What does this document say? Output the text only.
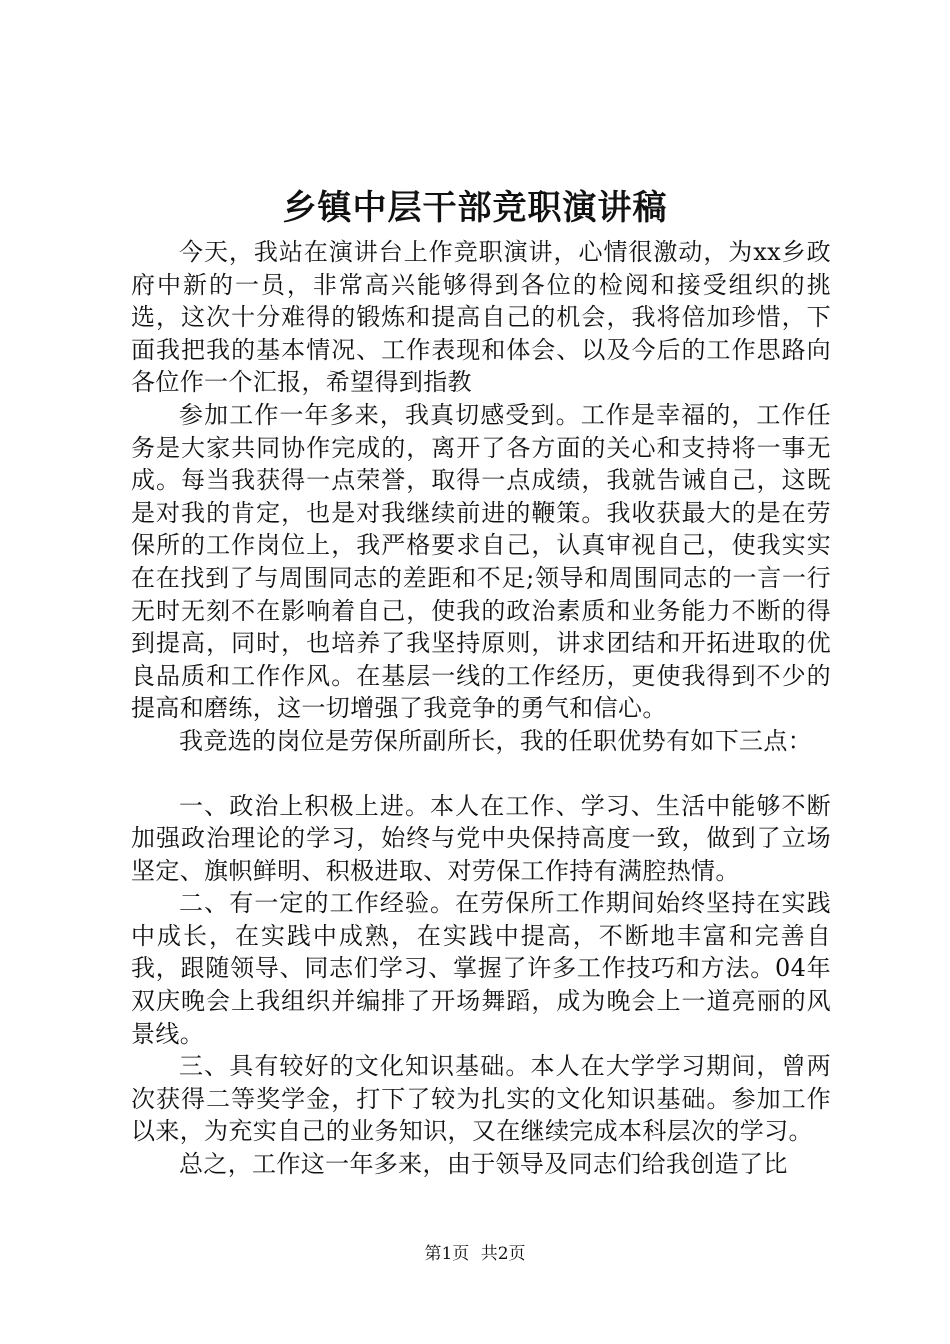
乡镇中层干部竞职演讲稿

今天，我站在演讲台上作竞职演讲，心情很激动，为xx乡政府中新的一员，非常高兴能够得到各位的检阅和接受组织的挑选，这次十分难得的锻炼和提高自己的机会，我将倍加珍惜，下面我把我的基本情况、工作表现和体会、以及今后的工作思路向各位作一个汇报，希望得到指教

参加工作一年多来，我真切感受到。工作是幸福的，工作任务是大家共同协作完成的，离开了各方面的关心和支持将一事无成。每当我获得一点荣誉，取得一点成绩，我就告诫自己，这既是对我的肯定，也是对我继续前进的鞭策。我收获最大的是在劳保所的工作岗位上，我严格要求自己，认真审视自己，使我实实在在找到了与周围同志的差距和不足;领导和周围同志的一言一行无时无刻不在影响着自己，使我的政治素质和业务能力不断的得到提高，同时，也培养了我坚持原则，讲求团结和开拓进取的优良品质和工作作风。在基层一线的工作经历，更使我得到不少的提高和磨练，这一切增强了我竞争的勇气和信心。

我竞选的岗位是劳保所副所长，我的任职优势有如下三点：

一、政治上积极上进。本人在工作、学习、生活中能够不断加强政治理论的学习，始终与党中央保持高度一致，做到了立场坚定、旗帜鲜明、积极进取、对劳保工作持有满腔热情。

二、有一定的工作经验。在劳保所工作期间始终坚持在实践中成长，在实践中成熟，在实践中提高，不断地丰富和完善自我，跟随领导、同志们学习、掌握了许多工作技巧和方法。04年双庆晚会上我组织并编排了开场舞蹈，成为晚会上一道亮丽的风景线。

三、具有较好的文化知识基础。本人在大学学习期间，曾两次获得二等奖学金，打下了较为扎实的文化知识基础。参加工作以来，为充实自己的业务知识，又在继续完成本科层次的学习。

总之，工作这一年多来，由于领导及同志们给我创造了比

第1页 共2页
